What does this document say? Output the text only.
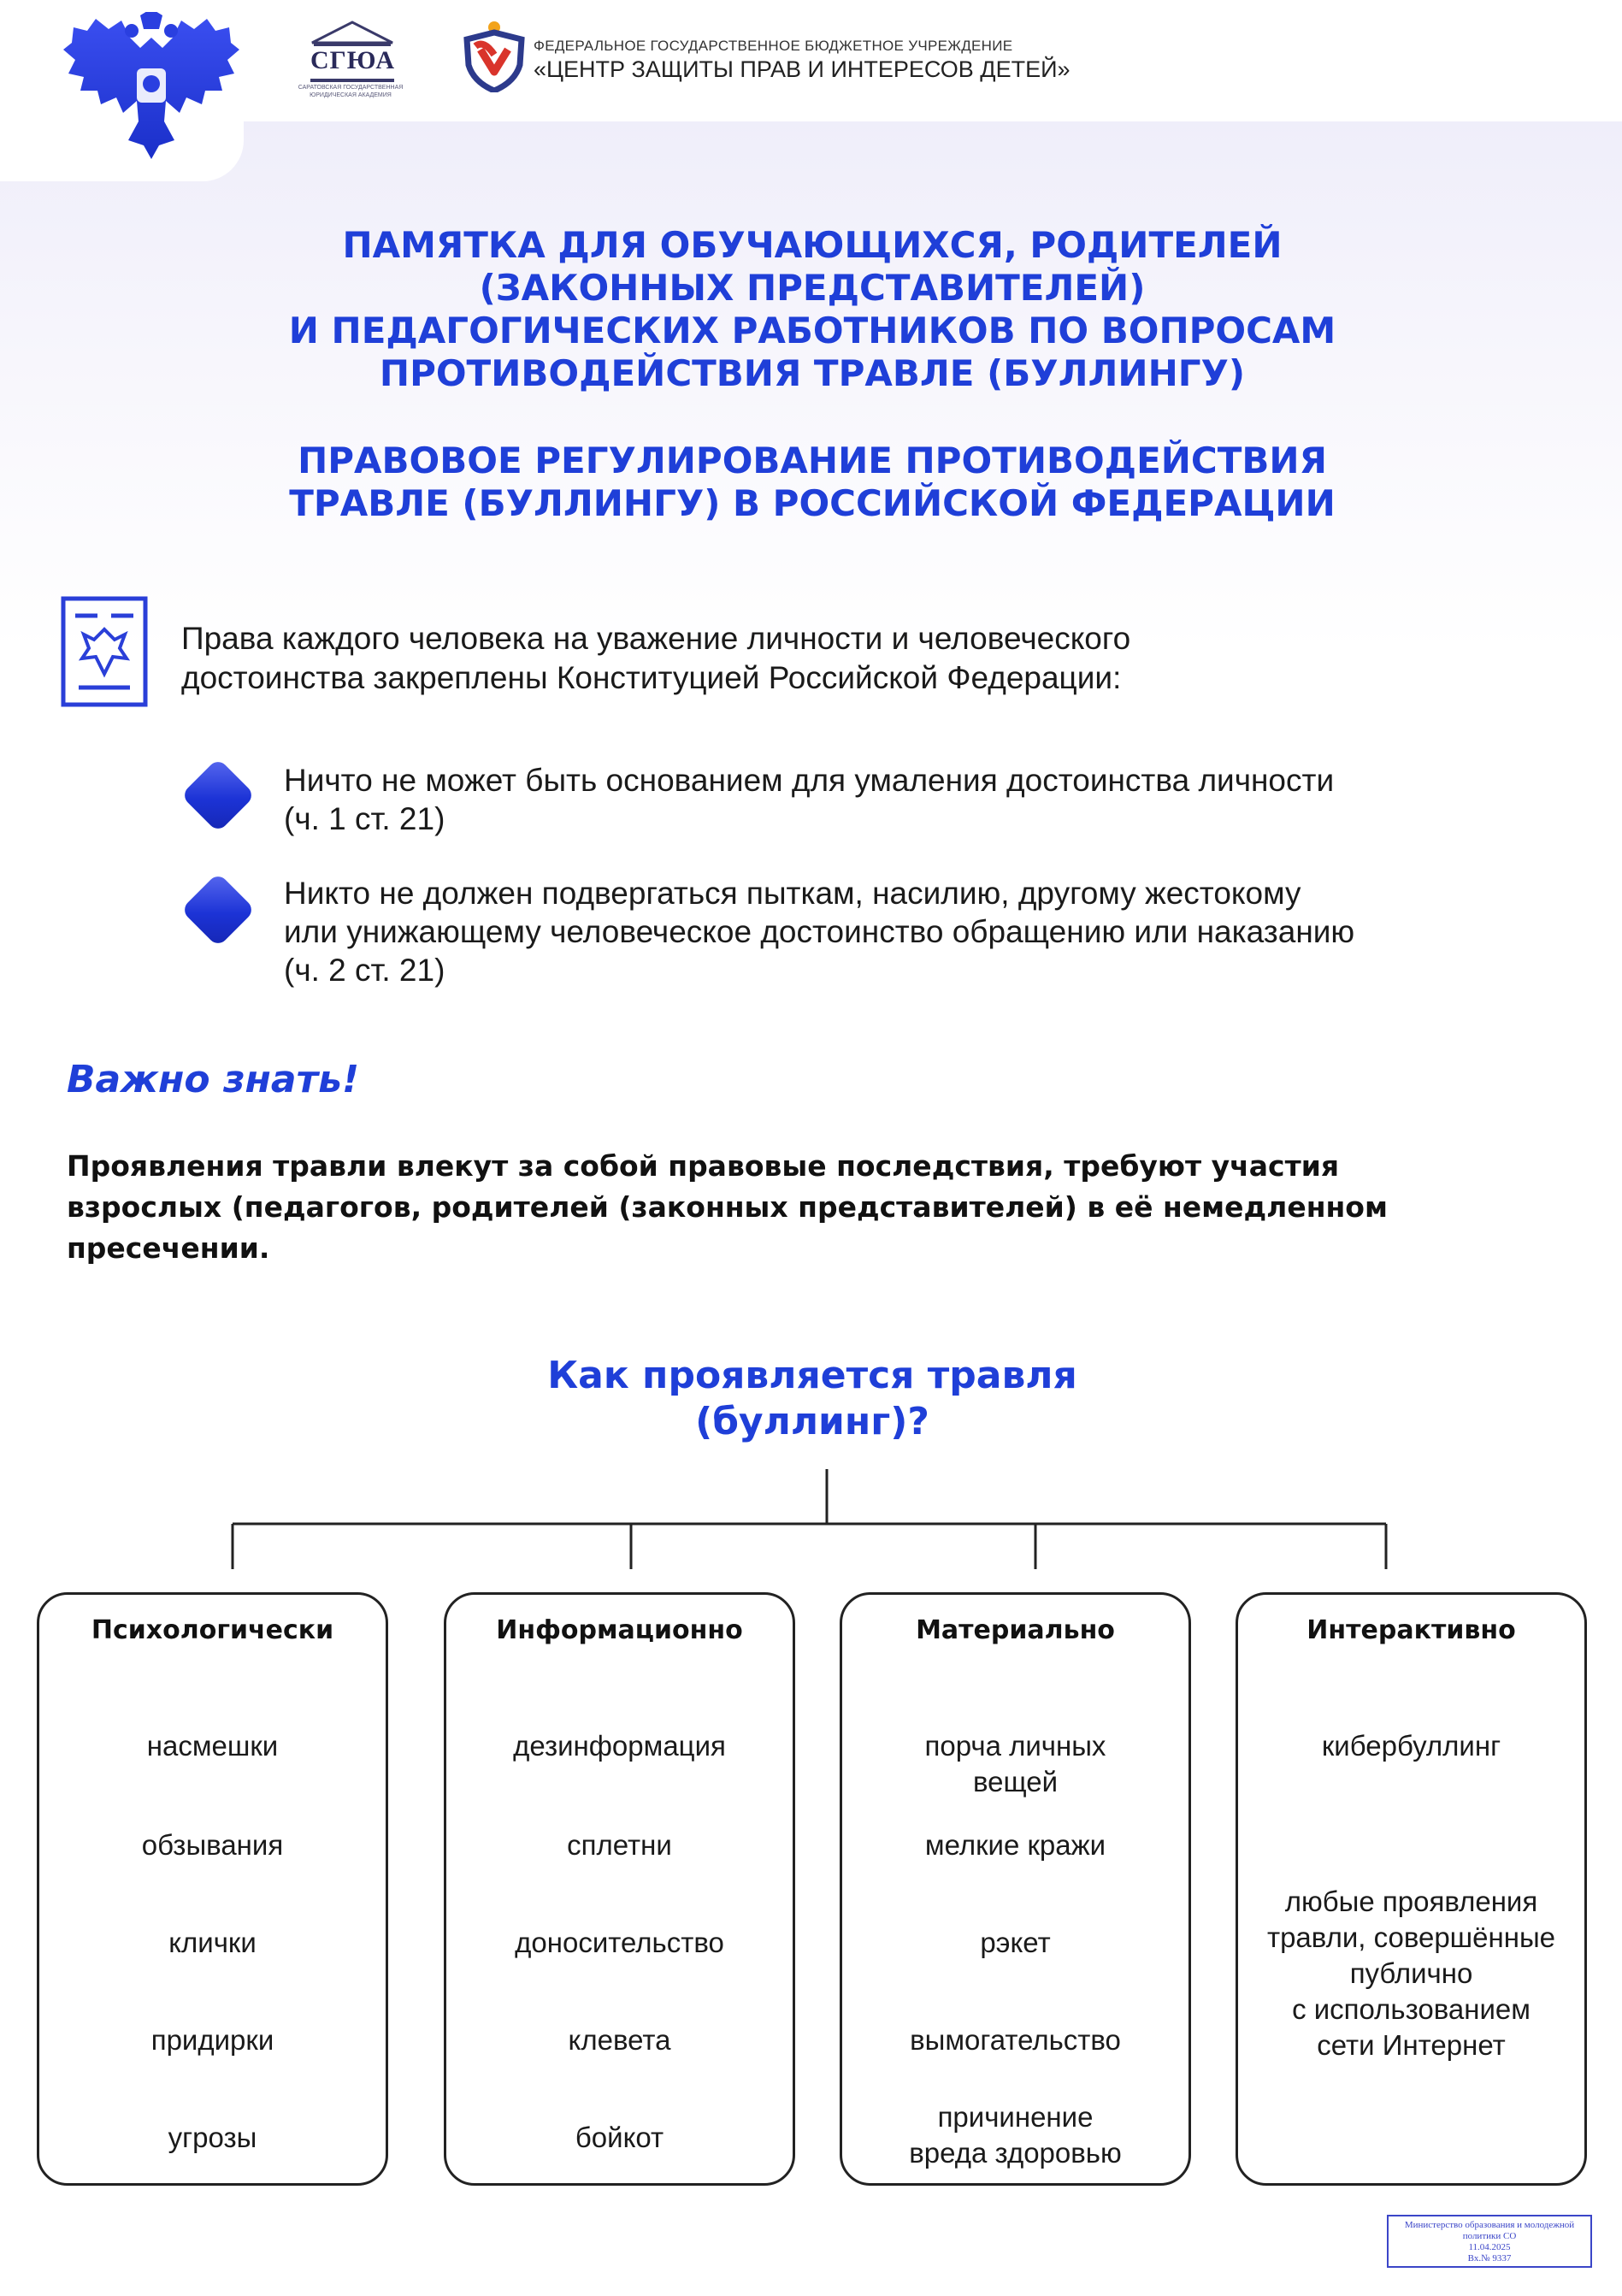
СГЮА
САРАТОВСКАЯ ГОСУДАРСТВЕННАЯ ЮРИДИЧЕСКАЯ АКАДЕМИЯ
ФЕДЕРАЛЬНОЕ ГОСУДАРСТВЕННОЕ БЮДЖЕТНОЕ УЧРЕЖДЕНИЕ
«ЦЕНТР ЗАЩИТЫ ПРАВ И ИНТЕРЕСОВ ДЕТЕЙ»

ПАМЯТКА ДЛЯ ОБУЧАЮЩИХСЯ, РОДИТЕЛЕЙ

(ЗАКОННЫХ ПРЕДСТАВИТЕЛЕЙ)

И ПЕДАГОГИЧЕСКИХ РАБОТНИКОВ ПО ВОПРОСАМ

ПРОТИВОДЕЙСТВИЯ ТРАВЛЕ (БУЛЛИНГУ)

ПРАВОВОЕ РЕГУЛИРОВАНИЕ ПРОТИВОДЕЙСТВИЯ

ТРАВЛЕ (БУЛЛИНГУ) В РОССИЙСКОЙ ФЕДЕРАЦИИ

Права каждого человека на уважение личности и человеческого
достоинства закреплены Конституцией Российской Федерации:
Ничто не может быть основанием для умаления достоинства личности
(ч. 1 ст. 21)
Никто не должен подвергаться пыткам, насилию, другому жестокому
или унижающему человеческое достоинство обращению или наказанию
(ч. 2 ст. 21)
Важно знать!
Проявления травли влекут за собой правовые последствия, требуют участия
взрослых (педагогов, родителей (законных представителей) в её немедленном
пресечении.
Как проявляется травля
(буллинг)?
Психологически
насмешки
обзывания
клички
придирки
угрозы
Информационно
дезинформация
сплетни
доносительство
клевета
бойкот
Материально
порча личных
вещей
мелкие кражи
рэкет
вымогательство
причинение
вреда здоровью
Интерактивно
кибербуллинг
любые проявления
травли, совершённые
публично
с использованием
сети Интернет
Министерство образования и молодежной
политики СО
11.04.2025
Вх.№ 9337
